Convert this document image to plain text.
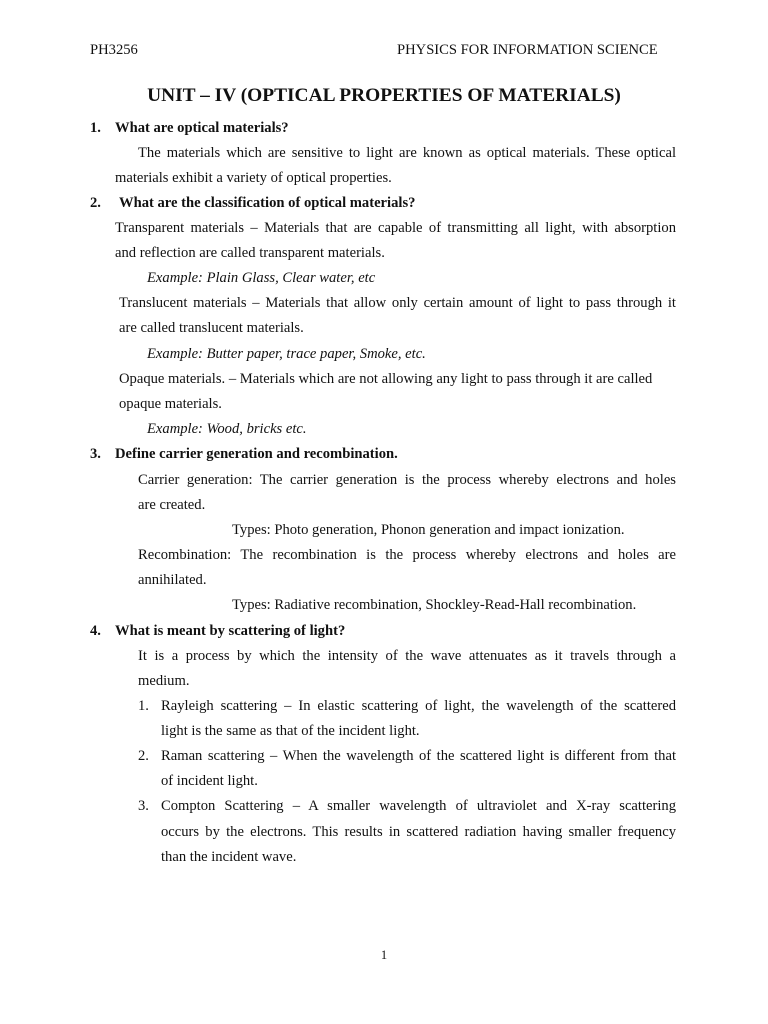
PH3256	PHYSICS FOR INFORMATION SCIENCE
UNIT – IV (OPTICAL PROPERTIES OF MATERIALS)
1. What are optical materials?
The materials which are sensitive to light are known as optical materials. These optical
materials exhibit a variety of optical properties.
2. What are the classification of optical materials?
Transparent materials – Materials that are capable of transmitting all light, with absorption
and reflection are called transparent materials.
Example: Plain Glass, Clear water, etc
Translucent materials – Materials that allow only certain amount of light to pass through it
are called translucent materials.
Example: Butter paper, trace paper, Smoke, etc.
Opaque materials. – Materials which are not allowing any light to pass through it are called
opaque materials.
Example: Wood, bricks etc.
3. Define carrier generation and recombination.
Carrier generation: The carrier generation is the process whereby electrons and holes
are created.
Types: Photo generation, Phonon generation and impact ionization.
Recombination: The recombination is the process whereby electrons and holes are
annihilated.
Types: Radiative recombination, Shockley-Read-Hall recombination.
4. What is meant by scattering of light?
It is a process by which the intensity of the wave attenuates as it travels through a
medium.
1. Rayleigh scattering – In elastic scattering of light, the wavelength of the scattered
light is the same as that of the incident light.
2. Raman scattering – When the wavelength of the scattered light is different from that
of incident light.
3. Compton Scattering – A smaller wavelength of ultraviolet and X-ray scattering
occurs by the electrons. This results in scattered radiation having smaller frequency
than the incident wave.
1
